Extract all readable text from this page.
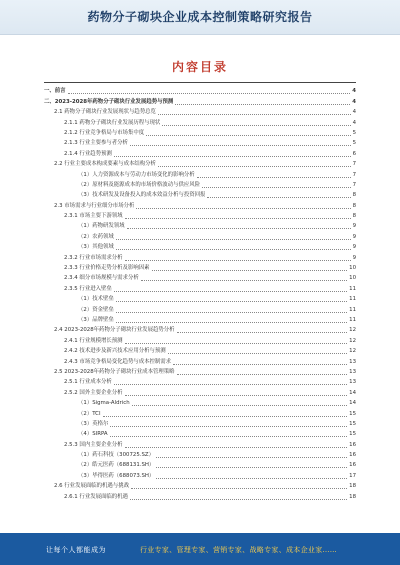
药物分子砌块企业成本控制策略研究报告
内容目录
一、前言	4
二、2023-2028年药物分子砌块行业发展趋势与预测	4
2.1 药物分子砌块行业发展现状与趋势总览	4
2.1.1 药物分子砌块行业发展历程与现状	4
2.1.2 行业竞争格局与市场集中度	5
2.1.3 行业主要参与者分析	5
2.1.4 行业趋势预测	6
2.2 行业主要成本构成要素与成本结构分析	7
（1）人力资源成本与劳动力市场变化的影响分析	7
（2）原材料及能源成本的市场价格波动与供应风险	7
（3）技术研发及设备投入的成本效益分析与投资回报	8
2.3 市场需求与行业细分市场分析	8
2.3.1 市场主要下游领域	8
（1）药物研发领域	9
（2）农药领域	9
（3）其他领域	9
2.3.2 行业市场需求分析	9
2.3.3 行业价格走势分析及影响因素	10
2.3.4 细分市场规模与需求分析	10
2.3.5 行业进入壁垒	11
（1）技术壁垒	11
（2）资金壁垒	11
（3）品牌壁垒	11
2.4 2023-2028年药物分子砌块行业发展趋势分析	12
2.4.1 行业规模增长预测	12
2.4.2 技术进步及新兴技术应用分析与预测	12
2.4.3 市场竞争格局变化趋势与成本控制需求	13
2.5 2023-2028年药物分子砌块行业成本管理策略	13
2.5.1 行业成本分析	13
2.5.2 国外主要企业分析	14
（1）Sigma-Aldrich	14
（2）TCI	15
（3）英格尔	15
（4）SIRPA	15
2.5.3 国内主要企业分析	16
（1）药石科技（300725.SZ）	16
（2）皓元医药（688131.SH）	16
（3）毕得医药（688073.SH）	17
2.6 行业发展面临的机遇与挑战	18
2.6.1 行业发展面临的机遇	18
让每个人都能成为	行业专家、管理专家、营销专家、战略专家、成本企业家……
